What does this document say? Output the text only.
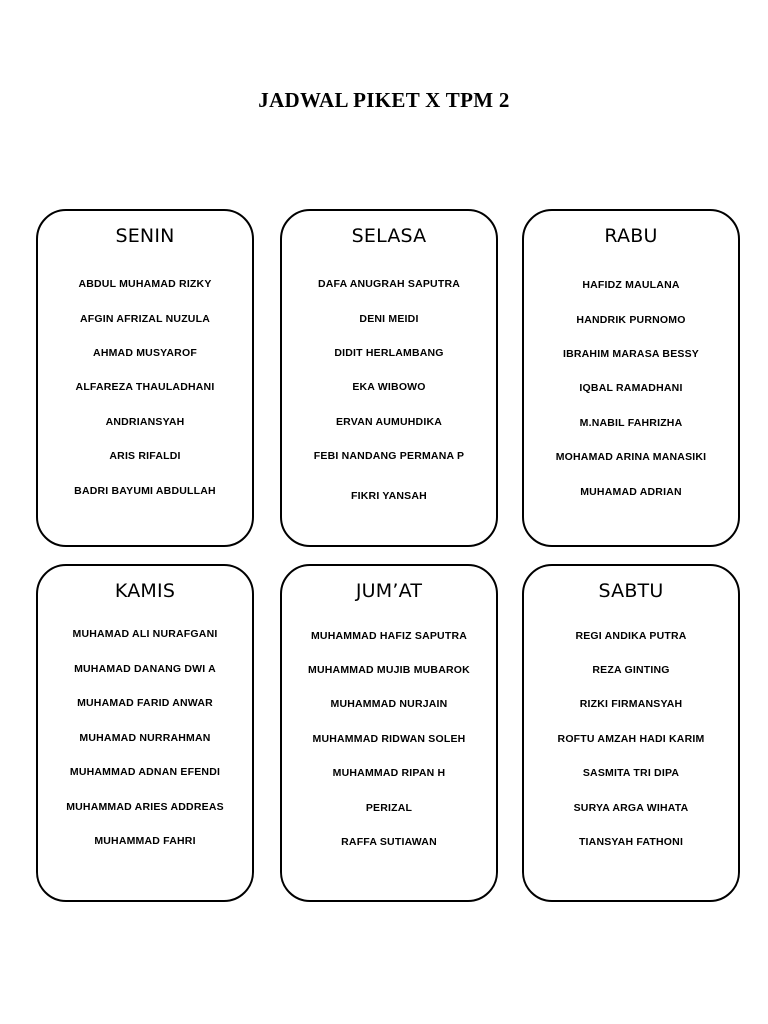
JADWAL PIKET X TPM 2
SENIN
ABDUL MUHAMAD RIZKY
AFGIN AFRIZAL NUZULA
AHMAD MUSYAROF
ALFAREZA THAULADHANI
ANDRIANSYAH
ARIS RIFALDI
BADRI BAYUMI ABDULLAH
SELASA
DAFA ANUGRAH SAPUTRA
DENI MEIDI
DIDIT HERLAMBANG
EKA WIBOWO
ERVAN AUMUHDIKA
FEBI NANDANG PERMANA P
FIKRI YANSAH
RABU
HAFIDZ MAULANA
HANDRIK PURNOMO
IBRAHIM MARASA BESSY
IQBAL RAMADHANI
M.NABIL FAHRIZHA
MOHAMAD ARINA MANASIKI
MUHAMAD ADRIAN
KAMIS
MUHAMAD ALI NURAFGANI
MUHAMAD DANANG DWI A
MUHAMAD FARID ANWAR
MUHAMAD NURRAHMAN
MUHAMMAD ADNAN EFENDI
MUHAMMAD ARIES ADDREAS
MUHAMMAD FAHRI
JUM’AT
MUHAMMAD HAFIZ SAPUTRA
MUHAMMAD MUJIB MUBAROK
MUHAMMAD NURJAIN
MUHAMMAD RIDWAN SOLEH
MUHAMMAD RIPAN H
PERIZAL
RAFFA SUTIAWAN
SABTU
REGI ANDIKA PUTRA
REZA GINTING
RIZKI FIRMANSYAH
ROFTU AMZAH HADI KARIM
SASMITA TRI DIPA
SURYA ARGA WIHATA
TIANSYAH FATHONI
